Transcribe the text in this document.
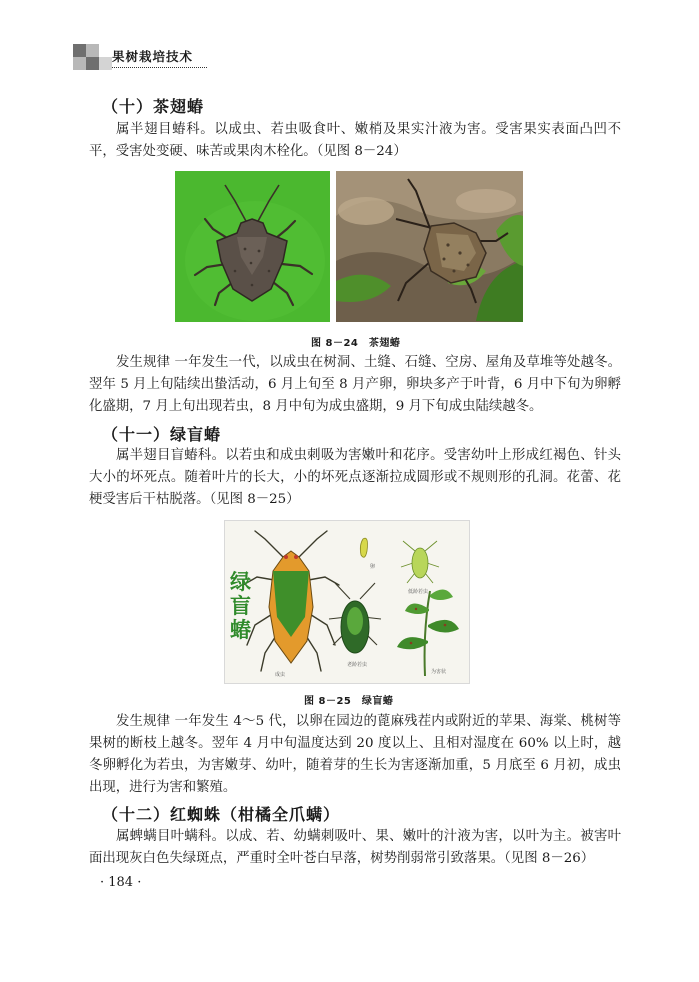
果树栽培技术
（十）茶翅蝽

属半翅目蝽科。以成虫、若虫吸食叶、嫩梢及果实汁液为害。受害果实表面凸凹不平，受害处变硬、味苦或果肉木栓化。（见图 8－24）

图 8－24　茶翅蝽

发生规律 一年发生一代，以成虫在树洞、土缝、石缝、空房、屋角及草堆等处越冬。翌年 5 月上旬陆续出蛰活动，6 月上旬至 8 月产卵，卵块多产于叶背，6 月中下旬为卵孵化盛期，7 月上旬出现若虫，8 月中旬为成虫盛期，9 月下旬成虫陆续越冬。

（十一）绿盲蝽

属半翅目盲蝽科。以若虫和成虫刺吸为害嫩叶和花序。受害幼叶上形成红褐色、针头大小的坏死点。随着叶片的长大，小的坏死点逐渐拉成圆形或不规则形的孔洞。花蕾、花梗受害后干枯脱落。（见图 8－25）

成虫
老龄若虫
卵
低龄若虫
为害状
绿盲蝽
图 8－25　绿盲蝽

发生规律 一年发生 4～5 代，以卵在园边的蓖麻残茬内或附近的苹果、海棠、桃树等果树的断枝上越冬。翌年 4 月中旬温度达到 20 度以上、且相对湿度在 60% 以上时，越冬卵孵化为若虫，为害嫩芽、幼叶，随着芽的生长为害逐渐加重，5 月底至 6 月初，成虫出现，进行为害和繁殖。

（十二）红蜘蛛（柑橘全爪螨）

属蜱螨目叶螨科。以成、若、幼螨刺吸叶、果、嫩叶的汁液为害，以叶为主。被害叶面出现灰白色失绿斑点，严重时全叶苍白早落，树势削弱常引致落果。（见图 8－26）

· 184 ·
